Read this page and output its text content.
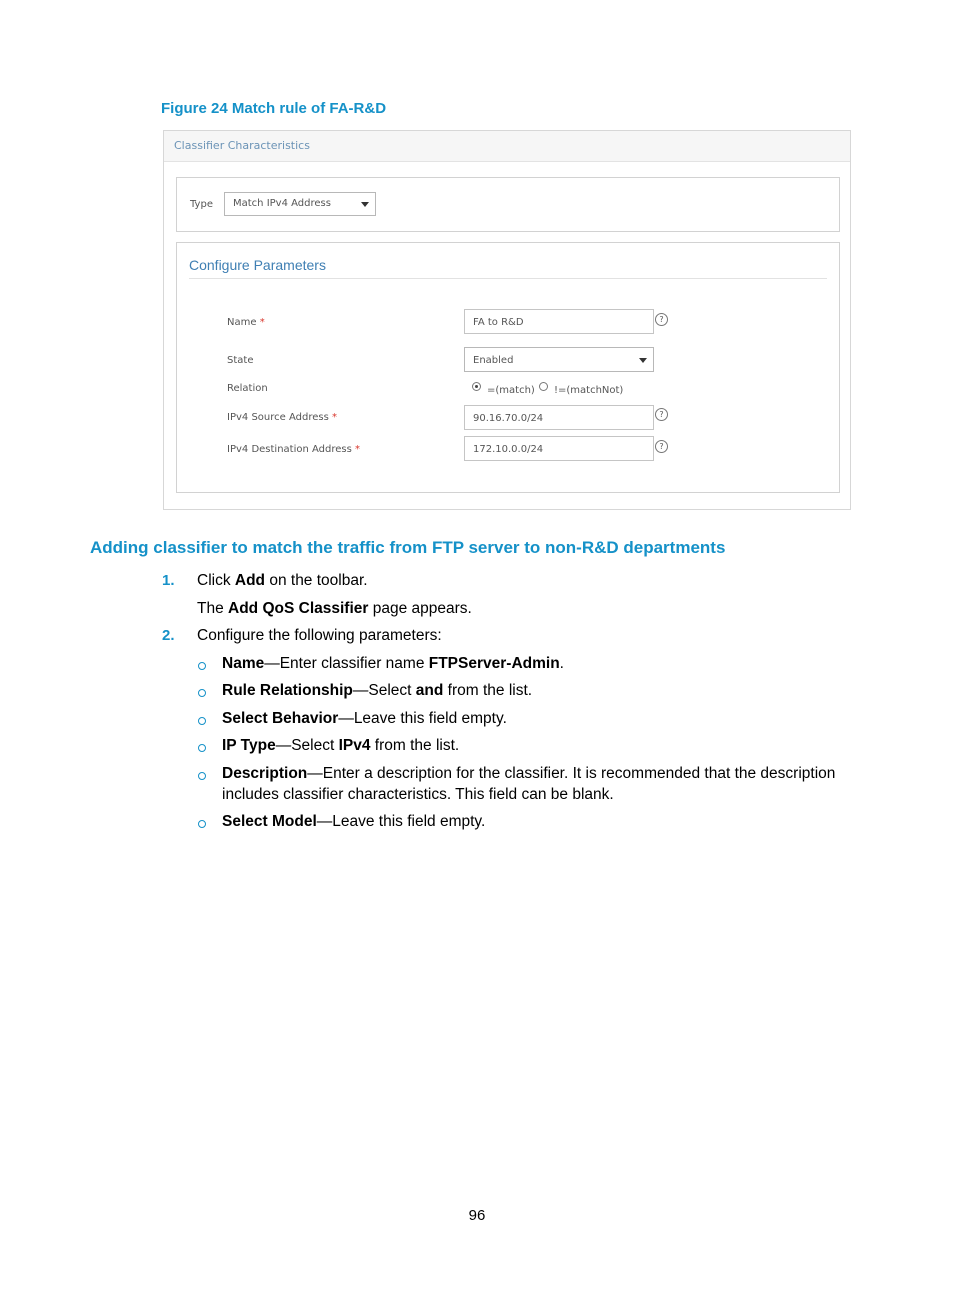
Figure 24 Match rule of FA-R&D
Classifier Characteristics
Type	Match IPv4 Address
Configure Parameters
Name *	FA to R&D	?
State	Enabled
Relation	=(match) !=(matchNot)
IPv4 Source Address *	90.16.70.0/24	?
IPv4 Destination Address *	172.10.0.0/24	?
Adding classifier to match the traffic from FTP server to non-R&D departments
1. Click Add on the toolbar.
The Add QoS Classifier page appears.
2. Configure the following parameters:
Name—Enter classifier name FTPServer-Admin.
Rule Relationship—Select and from the list.
Select Behavior—Leave this field empty.
IP Type—Select IPv4 from the list.
Description—Enter a description for the classifier. It is recommended that the description
includes classifier characteristics. This field can be blank.
Select Model—Leave this field empty.
96
